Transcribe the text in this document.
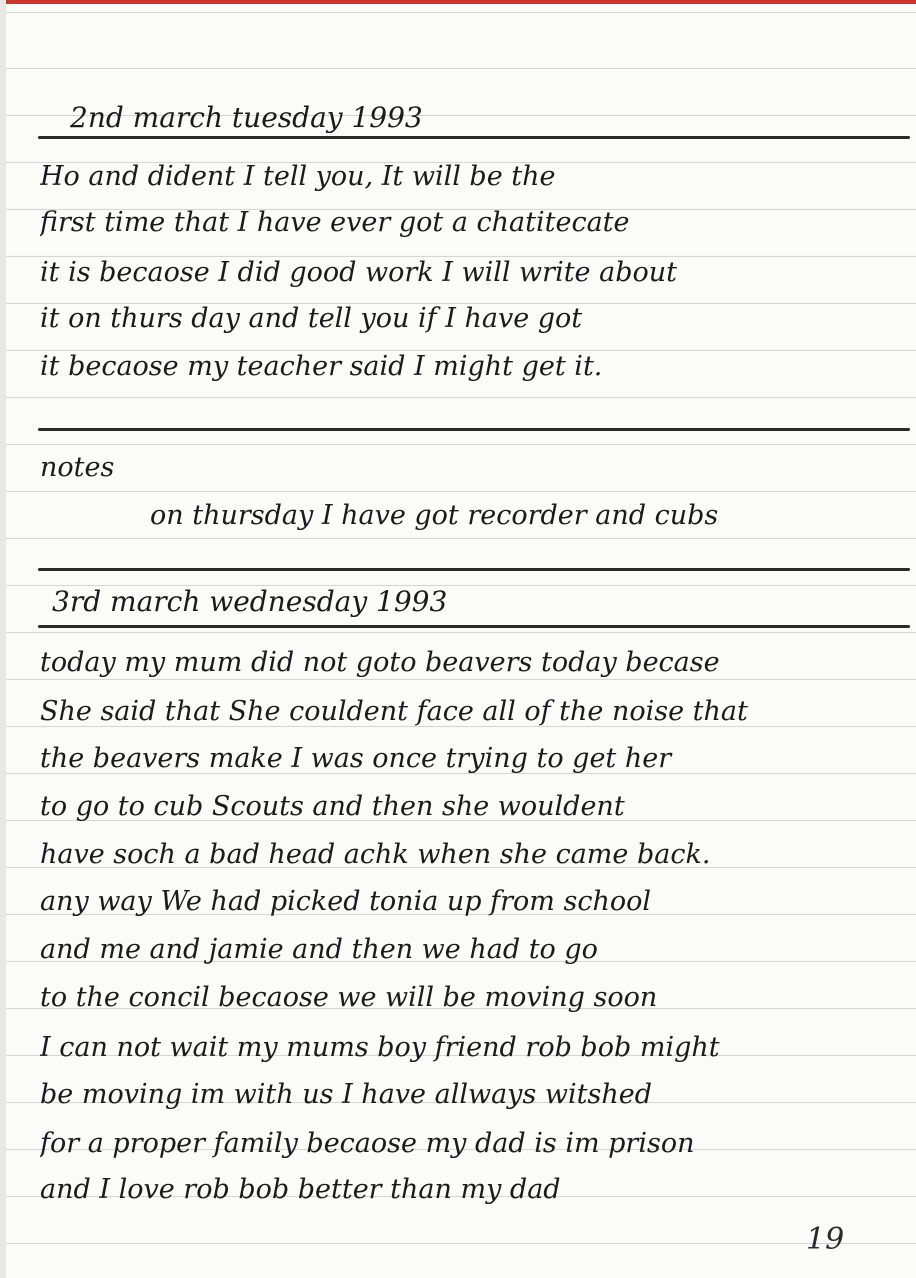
2nd march tuesday 1993
Ho and dident I tell you, It will be the
first time that I have ever got a chatitecate
it is becaose I did good work I will write about
it on thurs day and tell you if I have got
it becaose my teacher said I might get it.
notes
on thursday I have got recorder and cubs
3rd march wednesday 1993
today my mum did not goto beavers today becase
She said that She couldent face all of the noise that
the beavers make I was once trying to get her
to go to cub Scouts and then she wouldent
have soch a bad head achk when she came back.
any way We had picked tonia up from school
and me and jamie and then we had to go
to the concil becaose we will be moving soon
I can not wait my mums boy friend rob bob might
be moving im with us I have allways witshed
for a proper family becaose my dad is im prison
and I love rob bob better than my dad
19
